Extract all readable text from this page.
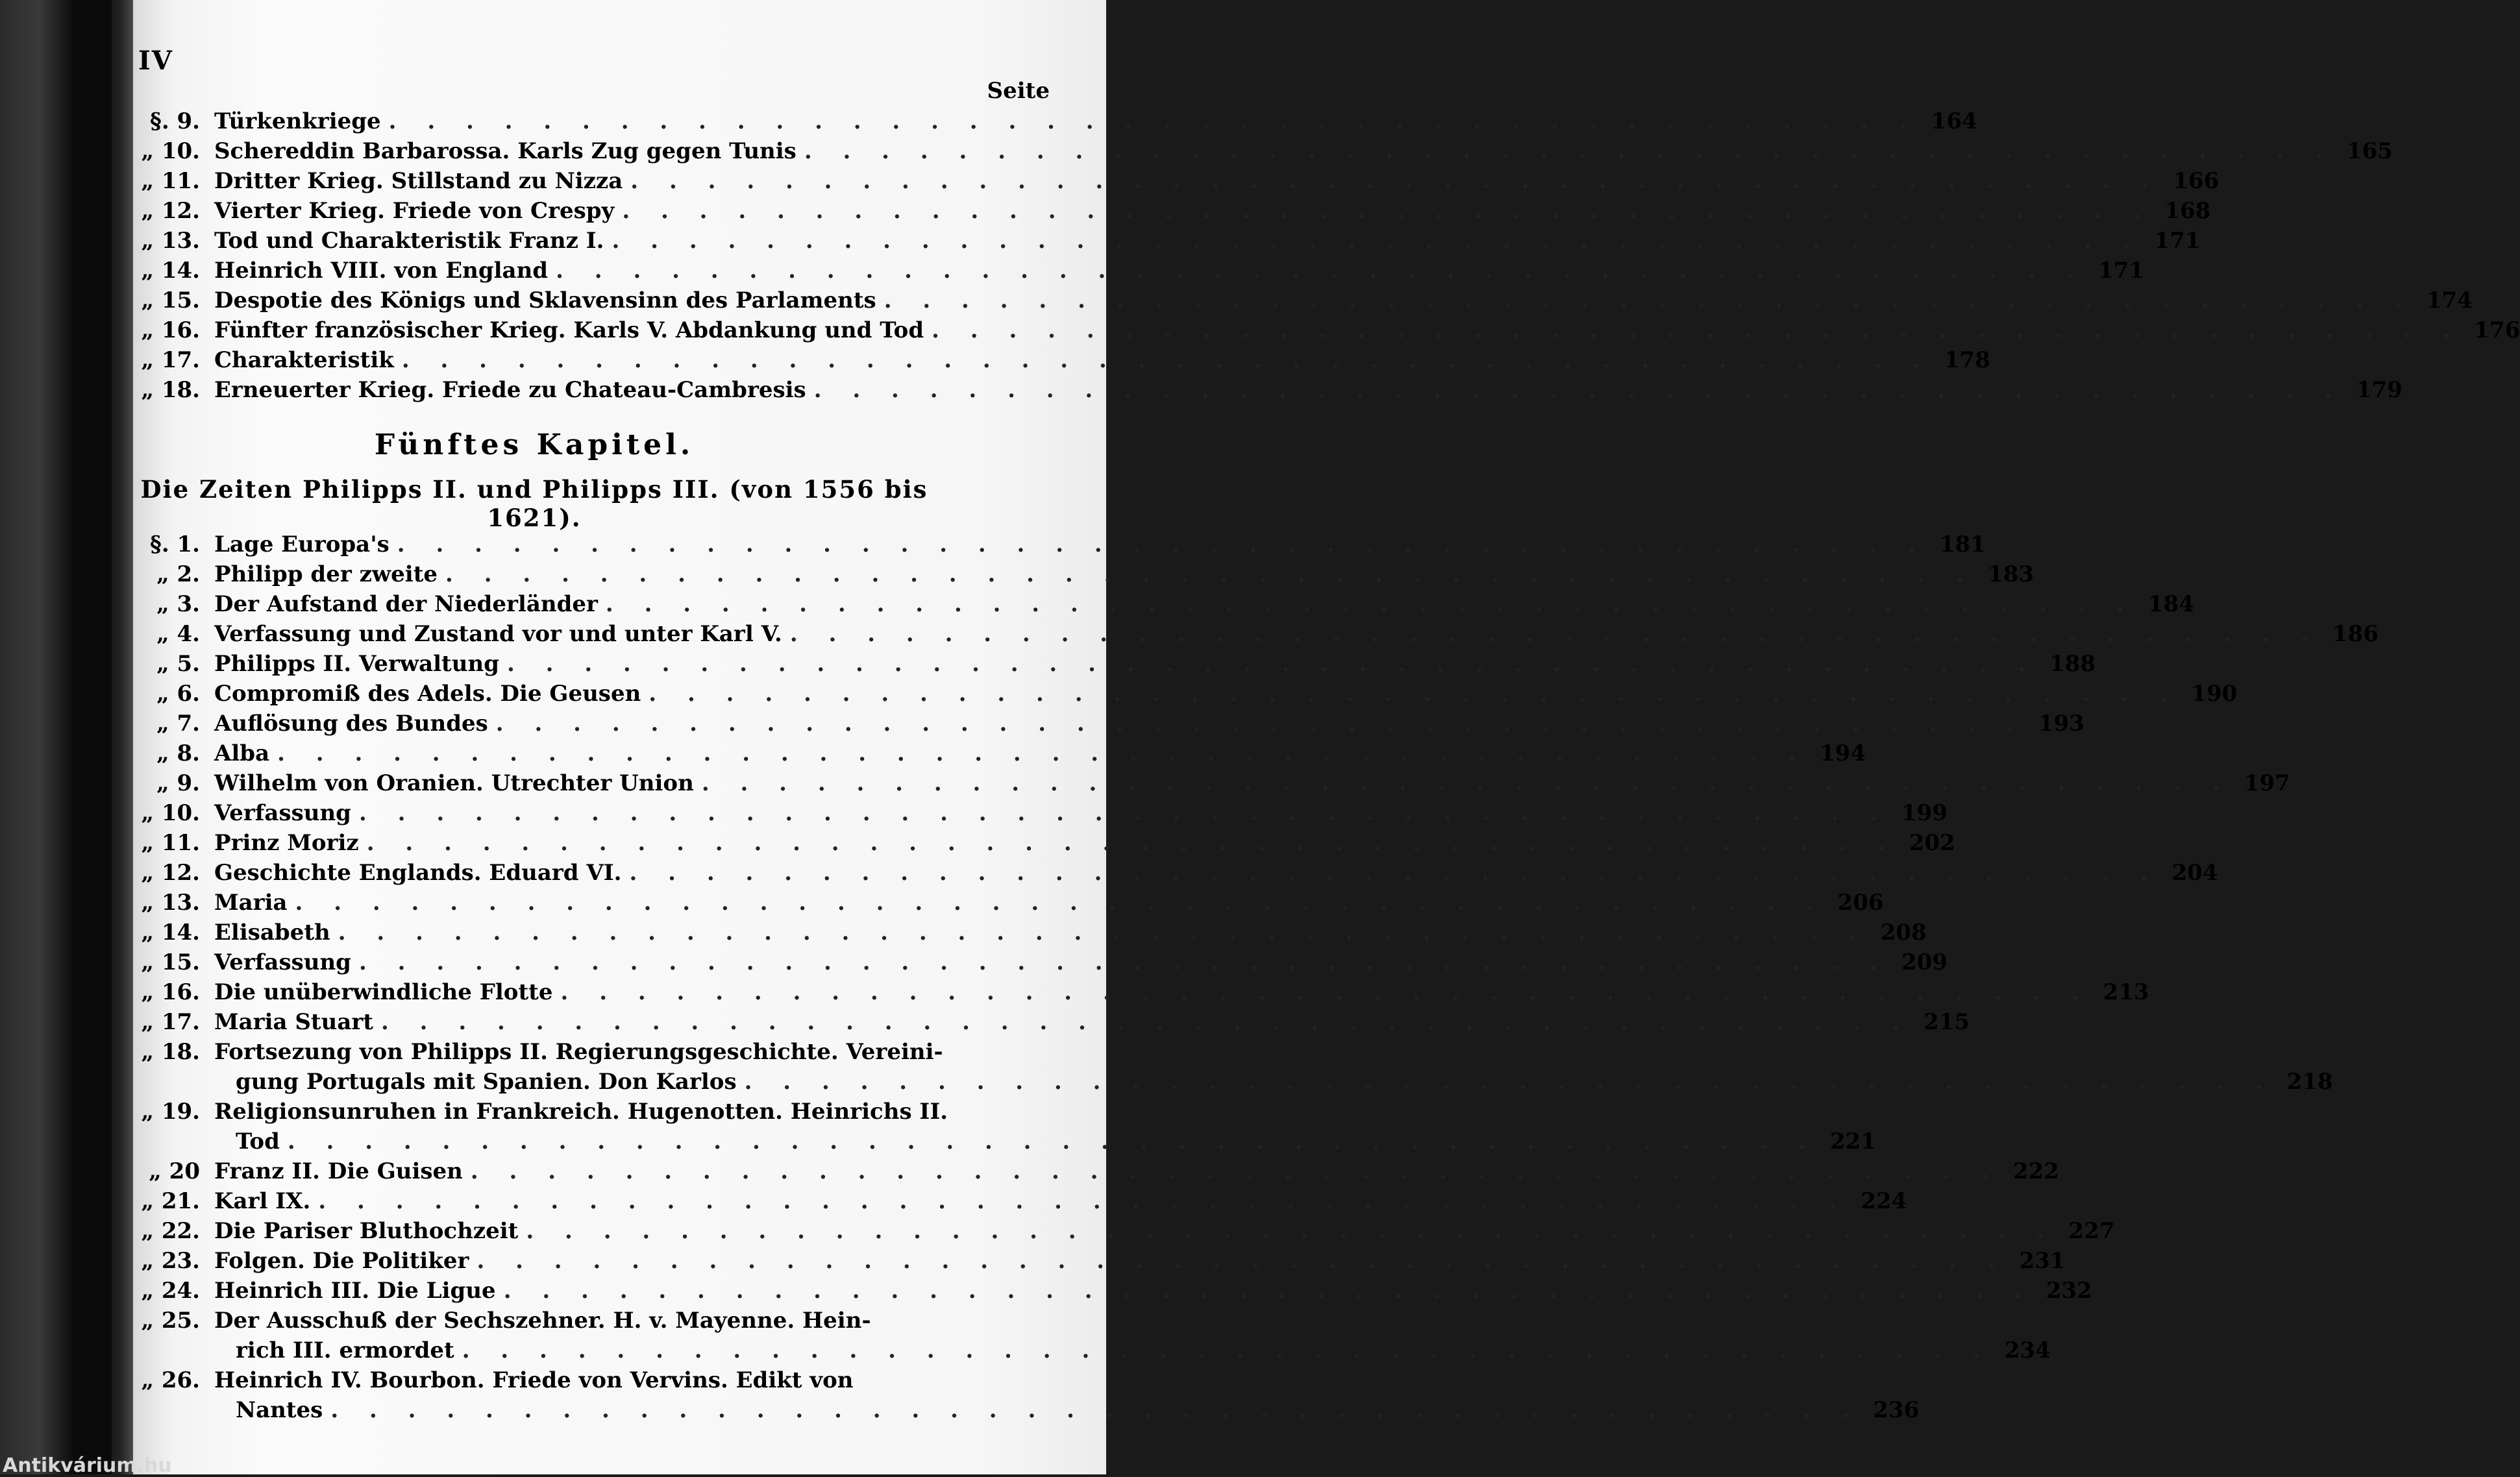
IV
Seite
§. 9. Türkenkriege . . . . . . . . . . . . . . . . . . . . . . . . . . . . . . . . . . . . . . . . 164
„ 10. Schereddin Barbarossa. Karls Zug gegen Tunis . . . . . . . . . . . . . . . . . . . . . . . . . . . . . . . . . . . . . . . . 165
„ 11. Dritter Krieg. Stillstand zu Nizza . . . . . . . . . . . . . . . . . . . . . . . . . . . . . . . . . . . . . . . . 166
„ 12. Vierter Krieg. Friede von Crespy . . . . . . . . . . . . . . . . . . . . . . . . . . . . . . . . . . . . . . . . 168
„ 13. Tod und Charakteristik Franz I. . . . . . . . . . . . . . . . . . . . . . . . . . . . . . . . . . . . . . . . . 171
„ 14. Heinrich VIII. von England . . . . . . . . . . . . . . . . . . . . . . . . . . . . . . . . . . . . . . . . 171
„ 15. Despotie des Königs und Sklavensinn des Parlaments . . . . . . . . . . . . . . . . . . . . . . . . . . . . . . . . . . . . . . . . 174
„ 16. Fünfter französischer Krieg. Karls V. Abdankung und Tod . . . . . . . . . . . . . . . . . . . . . . . . . . . . . . . . . . . . . . . . 176
„ 17. Charakteristik . . . . . . . . . . . . . . . . . . . . . . . . . . . . . . . . . . . . . . . . 178
„ 18. Erneuerter Krieg. Friede zu Chateau-Cambresis . . . . . . . . . . . . . . . . . . . . . . . . . . . . . . . . . . . . . . . . 179
Fünftes Kapitel.
Die Zeiten Philipps II. und Philipps III. (von 1556 bis 1621).
§. 1. Lage Europa's . . . . . . . . . . . . . . . . . . . . . . . . . . . . . . . . . . . . . . . . 181
„ 2. Philipp der zweite . . . . . . . . . . . . . . . . . . . . . . . . . . . . . . . . . . . . . . . . 183
„ 3. Der Aufstand der Niederländer . . . . . . . . . . . . . . . . . . . . . . . . . . . . . . . . . . . . . . . . 184
„ 4. Verfassung und Zustand vor und unter Karl V. . . . . . . . . . . . . . . . . . . . . . . . . . . . . . . . . . . . . . . . . 186
„ 5. Philipps II. Verwaltung . . . . . . . . . . . . . . . . . . . . . . . . . . . . . . . . . . . . . . . . 188
„ 6. Compromiß des Adels. Die Geusen . . . . . . . . . . . . . . . . . . . . . . . . . . . . . . . . . . . . . . . . 190
„ 7. Auflösung des Bundes . . . . . . . . . . . . . . . . . . . . . . . . . . . . . . . . . . . . . . . . 193
„ 8. Alba . . . . . . . . . . . . . . . . . . . . . . . . . . . . . . . . . . . . . . . . 194
„ 9. Wilhelm von Oranien. Utrechter Union . . . . . . . . . . . . . . . . . . . . . . . . . . . . . . . . . . . . . . . . 197
„ 10. Verfassung . . . . . . . . . . . . . . . . . . . . . . . . . . . . . . . . . . . . . . . . 199
„ 11. Prinz Moriz . . . . . . . . . . . . . . . . . . . . . . . . . . . . . . . . . . . . . . . . 202
„ 12. Geschichte Englands. Eduard VI. . . . . . . . . . . . . . . . . . . . . . . . . . . . . . . . . . . . . . . . . 204
„ 13. Maria . . . . . . . . . . . . . . . . . . . . . . . . . . . . . . . . . . . . . . . . 206
„ 14. Elisabeth . . . . . . . . . . . . . . . . . . . . . . . . . . . . . . . . . . . . . . . . 208
„ 15. Verfassung . . . . . . . . . . . . . . . . . . . . . . . . . . . . . . . . . . . . . . . . 209
„ 16. Die unüberwindliche Flotte . . . . . . . . . . . . . . . . . . . . . . . . . . . . . . . . . . . . . . . . 213
„ 17. Maria Stuart . . . . . . . . . . . . . . . . . . . . . . . . . . . . . . . . . . . . . . . . 215
„ 18. Fortsezung von Philipps II. Regierungsgeschichte. Vereini-
gung Portugals mit Spanien. Don Karlos . . . . . . . . . . . . . . . . . . . . . . . . . . . . . . . . . . . . . . . . 218
„ 19. Religionsunruhen in Frankreich. Hugenotten. Heinrichs II.
Tod . . . . . . . . . . . . . . . . . . . . . . . . . . . . . . . . . . . . . . . . 221
„ 20 Franz II. Die Guisen . . . . . . . . . . . . . . . . . . . . . . . . . . . . . . . . . . . . . . . . 222
„ 21. Karl IX. . . . . . . . . . . . . . . . . . . . . . . . . . . . . . . . . . . . . . . . . 224
„ 22. Die Pariser Bluthochzeit . . . . . . . . . . . . . . . . . . . . . . . . . . . . . . . . . . . . . . . . 227
„ 23. Folgen. Die Politiker . . . . . . . . . . . . . . . . . . . . . . . . . . . . . . . . . . . . . . . . 231
„ 24. Heinrich III. Die Ligue . . . . . . . . . . . . . . . . . . . . . . . . . . . . . . . . . . . . . . . . 232
„ 25. Der Ausschuß der Sechszehner. H. v. Mayenne. Hein-
rich III. ermordet . . . . . . . . . . . . . . . . . . . . . . . . . . . . . . . . . . . . . . . . 234
„ 26. Heinrich IV. Bourbon. Friede von Vervins. Edikt von
Nantes . . . . . . . . . . . . . . . . . . . . . . . . . . . . . . . . . . . . . . . . 236
Antikvárium.hu
